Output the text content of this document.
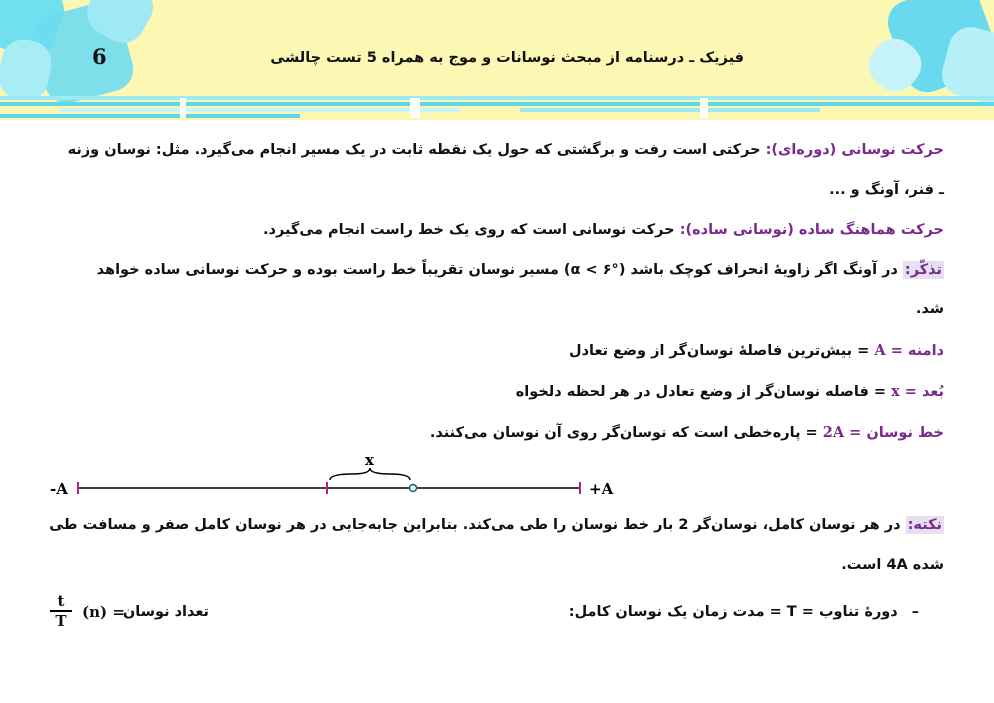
6	فیزیک ـ درسنامه از مبحث نوسانات و موج به همراه 5 تست چالشی
حرکت نوسانی (دوره‌ای): حرکتی است رفت و برگشتی که حول یک نقطه ثابت در یک مسیر انجام می‌گیرد. مثل: نوسان وزنه
ـ فنر، آونگ و ...
حرکت هماهنگ ساده (نوسانی ساده): حرکت نوسانی است که روی یک خط راست انجام می‌گیرد.
تذکّر: در آونگ اگر زاویهٔ انحراف کوچک باشد (α < ۶°) مسیر نوسان تقریباً خط راست بوده و حرکت نوسانی ساده خواهد
شد.
دامنه = A = بیش‌ترین فاصلهٔ نوسان‌گر از وضع تعادل
بُعد = x = فاصله نوسان‌گر از وضع تعادل در هر لحظه دلخواه
خط نوسان = 2A = پاره‌خطی است که نوسان‌گر روی آن نوسان می‌کنند.
-A	+A
x
نکته: در هر نوسان کامل، نوسان‌گر 2 بار خط نوسان را طی می‌کند. بنابراین جابه‌جایی در هر نوسان کامل صفر و مسافت طی
شده 4A است.
–دورهٔ تناوب = T = مدت زمان یک نوسان کامل:
تعداد نوسان
(n) =
t
T
